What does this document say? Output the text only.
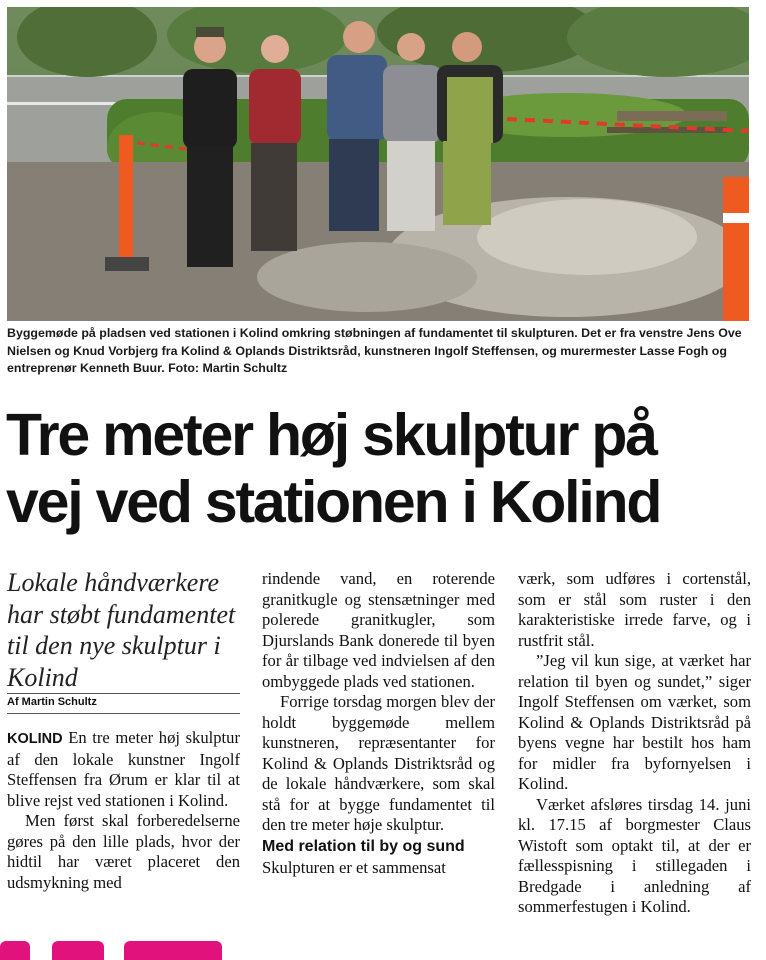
Byggemøde på pladsen ved stationen i Kolind omkring støbningen af fundamentet til skulpturen. Det er fra venstre Jens Ove Nielsen og Knud Vorbjerg fra Kolind & Oplands Distriktsråd, kunstneren Ingolf Steffensen, og murermester Lasse Fogh og entreprenør Kenneth Buur. Foto: Martin Schultz
Tre meter høj skulptur på
vej ved stationen i Kolind

Lokale håndværkere har støbt fundamentet til den nye skulptur i Kolind

Af Martin Schultz

KOLIND En tre meter høj skulptur af den lokale kunstner Ingolf Steffensen fra Ørum er klar til at blive rejst ved stationen i Kolind.

Men først skal forberedelserne gøres på den lille plads, hvor der hidtil har været placeret den udsmykning med

rindende vand, en roterende granitkugle og stensætninger med polerede granitkugler, som Djurslands Bank donerede til byen for år tilbage ved indvielsen af den ombyggede plads ved stationen.

Forrige torsdag morgen blev der holdt byggemøde mellem kunstneren, repræsentanter for Kolind & Oplands Distriktsråd og de lokale håndværkere, som skal stå for at bygge fundamentet til den tre meter høje skulptur.

Med relation til by og sund

Skulpturen er et sammensat

værk, som udføres i cortenstål, som er stål som ruster i den karakteristiske irrede farve, og i rustfrit stål.

”Jeg vil kun sige, at værket har relation til byen og sundet,” siger Ingolf Steffensen om værket, som Kolind & Oplands Distriktsråd på byens vegne har bestilt hos ham for midler fra byfornyelsen i Kolind.

Værket afsløres tirsdag 14. juni kl. 17.15 af borgmester Claus Wistoft som optakt til, at der er fællesspisning i stillegaden i Bredgade i anledning af sommerfestugen i Kolind.
